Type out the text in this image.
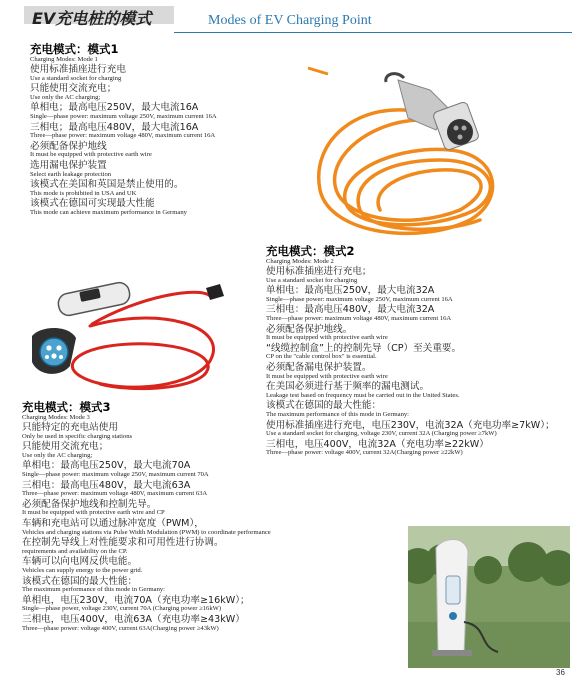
EV充电桩的模式	Modes of EV Charging Point
充电模式：模式1
Charging Modes: Mode 1
使用标准插座进行充电
Use a standard socket for charging
只能使用交流充电；
Use only the AC charging;
单相电；最高电压250V，最大电流16A
Single—phase power: maximum voltage 250V, maximum current 16A
三相电；最高电压480V，最大电流16A
Three—phase power: maximum voltage 480V, maximum current 16A
必须配备保护地线
It must be equipped with protective earth wire
选用漏电保护装置
Select earth leakage protection
该模式在美国和英国是禁止使用的。
This mode is prohibited in USA and UK
该模式在德国可实现最大性能
This mode can achieve maximum performance in Germany
充电模式：模式2
Charging Modes: Mode 2
使用标准插座进行充电；
Use a standard socket for charging
单相电：最高电压250V，最大电流32A
Single—phase power: maximum voltage 250V, maximum current 16A
三相电：最高电压480V，最大电流32A
Three—phase power: maximum voltage 480V, maximum current 16A
必须配备保护地线。
It must be equipped with protective earth wire
“线缆控制盒”上的控制先导（CP）至关重要。
CP on the "cable control box" is essential.
必须配备漏电保护装置。
It must be equipped with protective earth wire
在美国必须进行基于频率的漏电测试。
Leakage test based on frequency must be carried out in the United States.
该模式在德国的最大性能：
The maximum performance of this mode in Germany:
使用标准插座进行充电，电压230V，电流32A（充电功率≥7kW）；
Use a standard socket for charging, voltage 230V, current 32A (Charging power ≥7kW)
三相电，电压400V，电流32A（充电功率≥22kW）
Three—phase power: voltage 400V, current 32A(Charging power ≥22kW)
充电模式：模式3
Charging Modes: Mode 3
只能特定的充电站使用
Only be used in specific charging stations
只能使用交流充电；
Use only the AC charging;
单相电：最高电压250V，最大电流70A
Single—phase power: maximum voltage 250V, maximum current 70A
三相电：最高电压480V，最大电流63A
Three—phase power: maximum voltage 480V, maximum current 63A
必须配备保护地线和控制先导。
It must be equipped with protective earth wire and CP
车辆和充电站可以通过脉冲宽度（PWM），
Vehicles and charging stations via Pulse Width Modulation (PWM) to coordinate performance
在控制先导线上对性能要求和可用性进行协调。
requirements and availability on the CP.
车辆可以向电网反供电能。
Vehicles can supply energy to the power grid.
该模式在德国的最大性能：
The maximum performance of this mode in Germany:
单相电，电压230V，电流70A（充电功率≥16kW）；
Single—phase power, voltage 230V, current 70A (Charging power ≥16kW)
三相电，电压400V，电流63A（充电功率≥43kW）
Three—phase power: voltage 400V, current 63A(Charging power ≥43kW)
36
